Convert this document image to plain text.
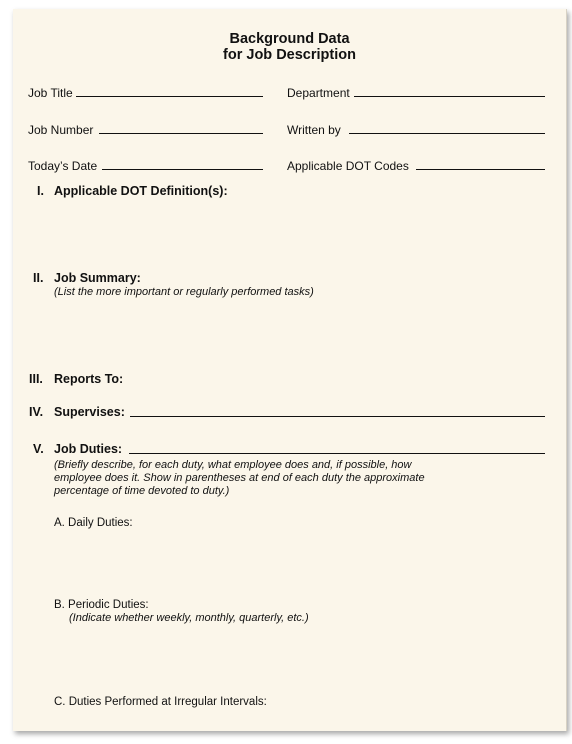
Background Data
for Job Description
Job Title	Department
Job Number	Written by
Today’s Date	Applicable DOT Codes
I. Applicable DOT Definition(s):
II. Job Summary:
(List the more important or regularly performed tasks)
III. Reports To:
IV. Supervises:
V. Job Duties:
(Briefly describe, for each duty, what employee does and, if possible, how
employee does it. Show in parentheses at end of each duty the approximate
percentage of time devoted to duty.)
A. Daily Duties:
B. Periodic Duties:
(Indicate whether weekly, monthly, quarterly, etc.)
C. Duties Performed at Irregular Intervals:
